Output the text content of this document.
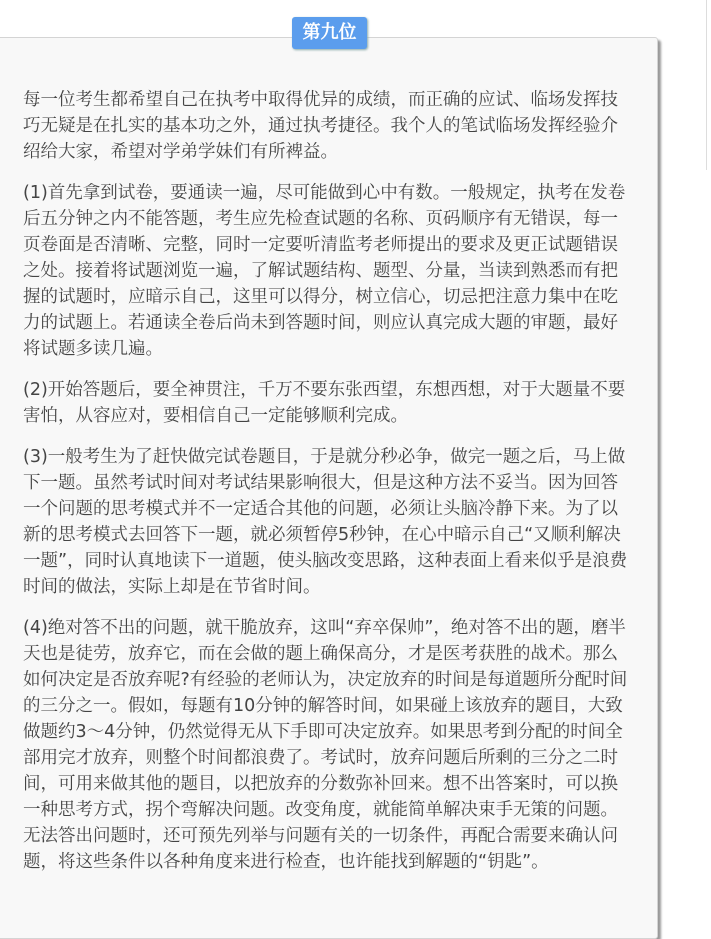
第九位

每一位考生都希望自己在执考中取得优异的成绩，而正确的应试、临场发挥技巧无疑是在扎实的基本功之外，通过执考捷径。我个人的笔试临场发挥经验介绍给大家，希望对学弟学妹们有所裨益。

(1)首先拿到试卷，要通读一遍，尽可能做到心中有数。一般规定，执考在发卷后五分钟之内不能答题，考生应先检查试题的名称、页码顺序有无错误，每一页卷面是否清晰、完整，同时一定要听清监考老师提出的要求及更正试题错误之处。接着将试题浏览一遍，了解试题结构、题型、分量，当读到熟悉而有把握的试题时，应暗示自己，这里可以得分，树立信心，切忌把注意力集中在吃力的试题上。若通读全卷后尚未到答题时间，则应认真完成大题的审题，最好将试题多读几遍。

(2)开始答题后，要全神贯注，千万不要东张西望，东想西想，对于大题量不要害怕，从容应对，要相信自己一定能够顺利完成。

(3)一般考生为了赶快做完试卷题目，于是就分秒必争，做完一题之后，马上做下一题。虽然考试时间对考试结果影响很大，但是这种方法不妥当。因为回答一个问题的思考模式并不一定适合其他的问题，必须让头脑冷静下来。为了以新的思考模式去回答下一题，就必须暂停5秒钟，在心中暗示自己“又顺利解决一题”，同时认真地读下一道题，使头脑改变思路，这种表面上看来似乎是浪费时间的做法，实际上却是在节省时间。

(4)绝对答不出的问题，就干脆放弃，这叫“弃卒保帅”，绝对答不出的题，磨半天也是徒劳，放弃它，而在会做的题上确保高分，才是医考获胜的战术。那么如何决定是否放弃呢?有经验的老师认为，决定放弃的时间是每道题所分配时间的三分之一。假如，每题有10分钟的解答时间，如果碰上该放弃的题目，大致做题约3～4分钟，仍然觉得无从下手即可决定放弃。如果思考到分配的时间全部用完才放弃，则整个时间都浪费了。考试时，放弃问题后所剩的三分之二时间，可用来做其他的题目，以把放弃的分数弥补回来。想不出答案时，可以换一种思考方式，拐个弯解决问题。改变角度，就能简单解决束手无策的问题。无法答出问题时，还可预先列举与问题有关的一切条件，再配合需要来确认问题，将这些条件以各种角度来进行检查，也许能找到解题的“钥匙”。
